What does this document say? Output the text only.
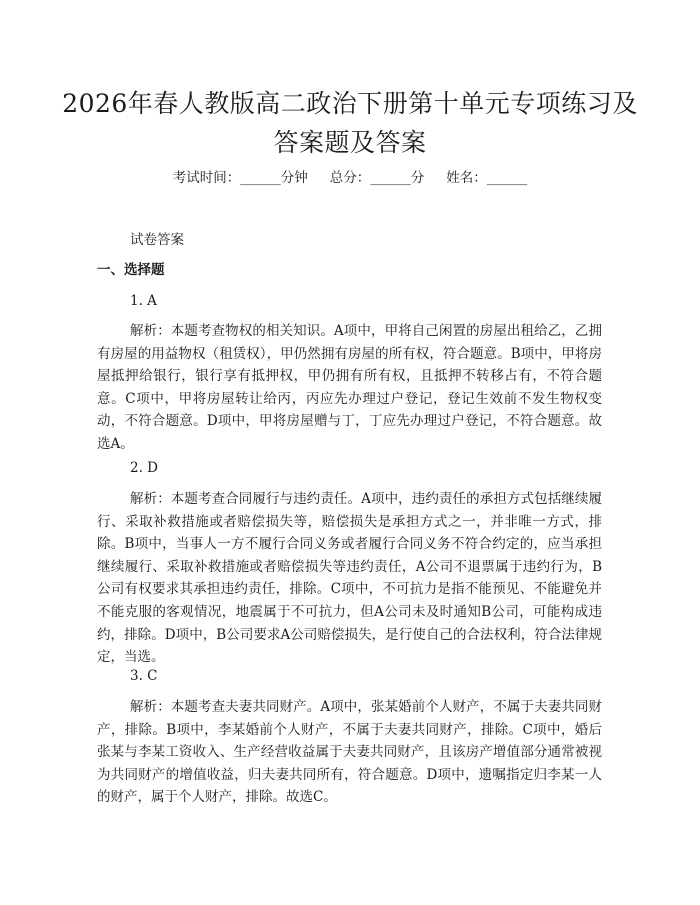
2026年春人教版高二政治下册第十单元专项练习及答案题及答案
考试时间：______分钟 总分：______分 姓名：______
试卷答案
一、选择题
1. A
解析：本题考查物权的相关知识。A项中，甲将自己闲置的房屋出租给乙，乙拥有房屋的用益物权（租赁权），甲仍然拥有房屋的所有权，符合题意。B项中，甲将房屋抵押给银行，银行享有抵押权，甲仍拥有所有权，且抵押不转移占有，不符合题意。C项中，甲将房屋转让给丙，丙应先办理过户登记，登记生效前不发生物权变动，不符合题意。D项中，甲将房屋赠与丁，丁应先办理过户登记，不符合题意。故选A。
2. D
解析：本题考查合同履行与违约责任。A项中，违约责任的承担方式包括继续履行、采取补救措施或者赔偿损失等，赔偿损失是承担方式之一，并非唯一方式，排除。B项中，当事人一方不履行合同义务或者履行合同义务不符合约定的，应当承担继续履行、采取补救措施或者赔偿损失等违约责任，A公司不退票属于违约行为，B公司有权要求其承担违约责任，排除。C项中，不可抗力是指不能预见、不能避免并不能克服的客观情况，地震属于不可抗力，但A公司未及时通知B公司，可能构成违约，排除。D项中，B公司要求A公司赔偿损失，是行使自己的合法权利，符合法律规定，当选。
3. C
解析：本题考查夫妻共同财产。A项中，张某婚前个人财产，不属于夫妻共同财产，排除。B项中，李某婚前个人财产，不属于夫妻共同财产，排除。C项中，婚后张某与李某工资收入、生产经营收益属于夫妻共同财产，且该房产增值部分通常被视为共同财产的增值收益，归夫妻共同所有，符合题意。D项中，遗嘱指定归李某一人的财产，属于个人财产，排除。故选C。
